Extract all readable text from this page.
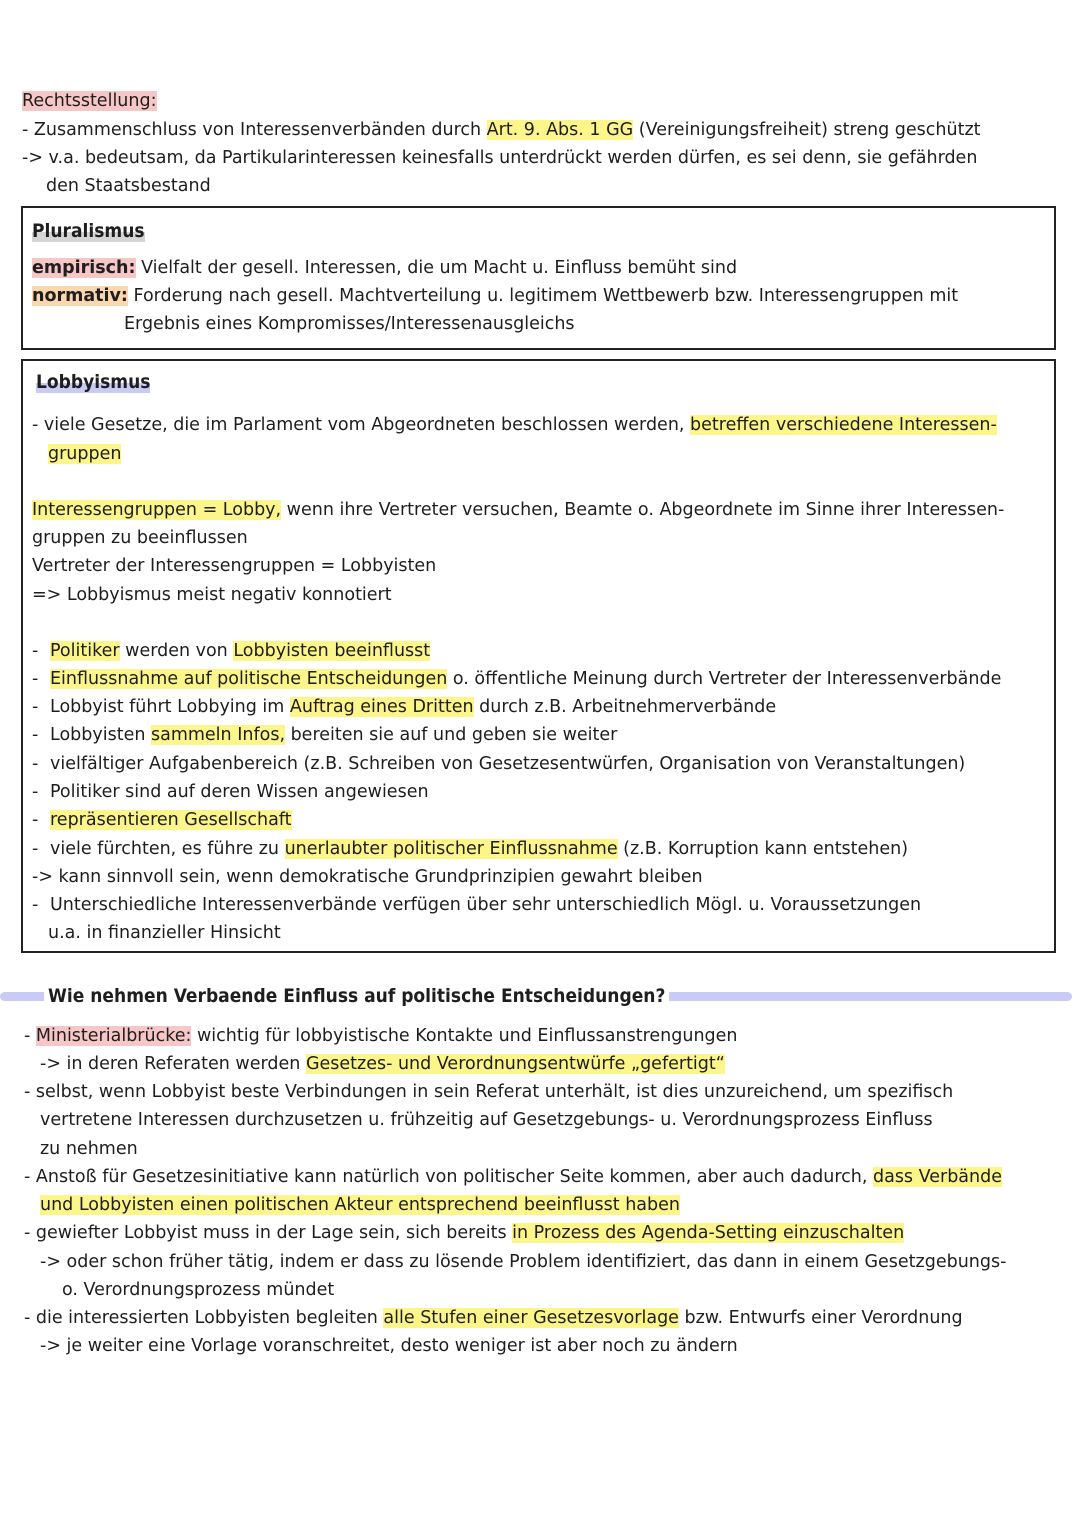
Rechtsstellung:
- Zusammenschluss von Interessenverbänden durch Art. 9. Abs. 1 GG (Vereinigungsfreiheit) streng geschützt
-> v.a. bedeutsam, da Partikularinteressen keinesfalls unterdrückt werden dürfen, es sei denn, sie gefährden
den Staatsbestand
Pluralismus
empirisch: Vielfalt der gesell. Interessen, die um Macht u. Einfluss bemüht sind
normativ: Forderung nach gesell. Machtverteilung u. legitimem Wettbewerb bzw. Interessengruppen mit
Ergebnis eines Kompromisses/Interessenausgleichs
Lobbyismus
- viele Gesetze, die im Parlament vom Abgeordneten beschlossen werden, betreffen verschiedene Interessen-
gruppen
Interessengruppen = Lobby, wenn ihre Vertreter versuchen, Beamte o. Abgeordnete im Sinne ihrer Interessen-
gruppen zu beeinflussen
Vertreter der Interessengruppen = Lobbyisten
=> Lobbyismus meist negativ konnotiert
- Politiker werden von Lobbyisten beeinflusst
- Einflussnahme auf politische Entscheidungen o. öffentliche Meinung durch Vertreter der Interessenverbände
- Lobbyist führt Lobbying im Auftrag eines Dritten durch z.B. Arbeitnehmerverbände
- Lobbyisten sammeln Infos, bereiten sie auf und geben sie weiter
- vielfältiger Aufgabenbereich (z.B. Schreiben von Gesetzesentwürfen, Organisation von Veranstaltungen)
- Politiker sind auf deren Wissen angewiesen
- repräsentieren Gesellschaft
- viele fürchten, es führe zu unerlaubter politischer Einflussnahme (z.B. Korruption kann entstehen)
-> kann sinnvoll sein, wenn demokratische Grundprinzipien gewahrt bleiben
- Unterschiedliche Interessenverbände verfügen über sehr unterschiedlich Mögl. u. Voraussetzungen
u.a. in finanzieller Hinsicht
Wie nehmen Verbaende Einfluss auf politische Entscheidungen?
- Ministerialbrücke: wichtig für lobbyistische Kontakte und Einflussanstrengungen
-> in deren Referaten werden Gesetzes- und Verordnungsentwürfe „gefertigt“
- selbst, wenn Lobbyist beste Verbindungen in sein Referat unterhält, ist dies unzureichend, um spezifisch
vertretene Interessen durchzusetzen u. frühzeitig auf Gesetzgebungs- u. Verordnungsprozess Einfluss
zu nehmen
- Anstoß für Gesetzesinitiative kann natürlich von politischer Seite kommen, aber auch dadurch, dass Verbände
und Lobbyisten einen politischen Akteur entsprechend beeinflusst haben
- gewiefter Lobbyist muss in der Lage sein, sich bereits in Prozess des Agenda-Setting einzuschalten
-> oder schon früher tätig, indem er dass zu lösende Problem identifiziert, das dann in einem Gesetzgebungs-
o. Verordnungsprozess mündet
- die interessierten Lobbyisten begleiten alle Stufen einer Gesetzesvorlage bzw. Entwurfs einer Verordnung
-> je weiter eine Vorlage voranschreitet, desto weniger ist aber noch zu ändern
